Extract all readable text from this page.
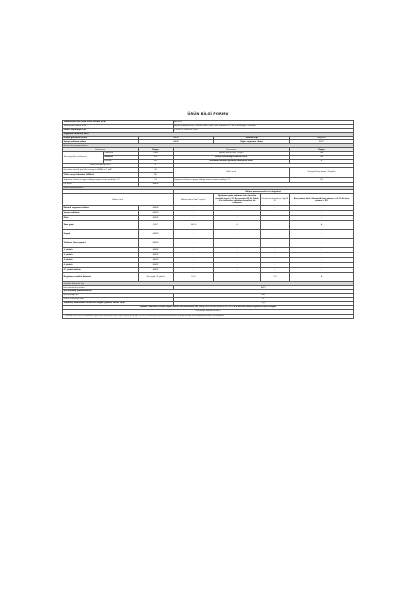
ÜRÜN BİLGİ FORMU
Tedarikçinin adı veya ticari ünvanı (b,d)			ARÇELİK			
Tedarikçinin adresi (b,d)			Arçelik Karaörnek A.Ş. Sütlüce Mah. Silah Çıkık Sokakları 2/1 No:1/4 Beyoğlu / İstanbul			
Model tanımlayıcı (d)			270590 e 7580100 1004			
Soğutma cihazının türü						
Düşük gürültülü cihaz		HAYIR		Tasarım tipi		Bağımsız
Şarap saklama cihazı		HAYIR		Diğer soğutma cihazı		EVET
Genel ürün parametreleri						
Parametre		Değer	Parametre			Değer
Tüm boyutlar (milimetre)	Yükseklik	1865	Toplam hacim (dm³ veya l)			324
	Genişlik	595	Enerji verimliliği endeksi (EEI)			100
	Derinlik	595	Havadan akustik gürültü emisyonu sınıfı			B
Enerji verimliliği sınıfı		E				
Havadan akustik gürültü emisyonu (dB(A) re 1 pW)		35	İklim sınıfı			Genişletilmiş ılıman / Tropikal
Yıllık enerji tüketimi (kWh/a)		247				
Soğutma cihazının uygun olduğu asgari ortam sıcaklığı (°C)		16	Soğutma cihazının uygun olduğu azami ortam sıcaklığı (°C)			43
Kış ayarı		HAYIR				
Bölme parametreleri						
			Bölme parametreleri ve değerleri			
Bölme türü			Bölme hacmi (dm³ veya l)	Öptimum gıda saklama için önerilen sıcaklık ayarı (°C) Bu ayarlar EK IV, Tablo 3'te belirtilen saklama koşulları ile çelişmez	Dondurma kapasitesi (kg/24 h)	Buz çözme türü (Otomatik buz çözme = A, El ile buz çözme = M)
Kabarlı soğutucu bölme		HAYIR	-	-	-	-
Şarap saklama		HAYIR	-	-	-	-
Kiler		HAYIR	-	-	-	-
Taze gıda		EVET	303,0	4	-	A
Soğuk		HAYIR	-	-	-	-
Yıldızsız (buz yapım)		HAYIR	-	-	-	-
1 yıldızlı		HAYIR	-	-	-	-
2 yıldızlı		HAYIR	-	-	-	-
3 yıldızlı		HAYIR	-	-	-	-
4 yıldızlı		HAYIR	-	-	-	-
2* yıldızlı bölüm		HAYIR	-	-	-	-
Değişken sıcaklık bölmesi		Taze gıda / 4 yıldızlı	21,0	-	7,0	A
4 yıldızlı bölmeler için						
Hızlı dondurma imkanı			EVET			
Işık kaynağı parametreleri						
Işık kaynağı tipi			LED			
Enerji verimliliği sınıfı			G			
Tedarikçi tarafından belirlenen asgari garanti süresi (b,d)			2 yıl			
Soğutma Cihazlarının Çevreye Duyarlı Tasarımı Gereksinimlerine Dair Tebliğ (2019/2019/EU)(SGM-2021/7) EK II B'de belirtilen tüketici bilgilerine ilişkin ek bilgiler						
Ürün sayfası: www.arcelik.com.tr						
(*) Hacimler SNI EN 62552 standardına uygun olarak ölçülmüştür. Etiket bilgileri Avrupa Birliği (AB) 2019/2016 Yönetmeliği çerçevesinde belirlenmiştir. Bu bilgiler Avrupa Ürün Veritabanında (EPREL) yer almaktadır.						
